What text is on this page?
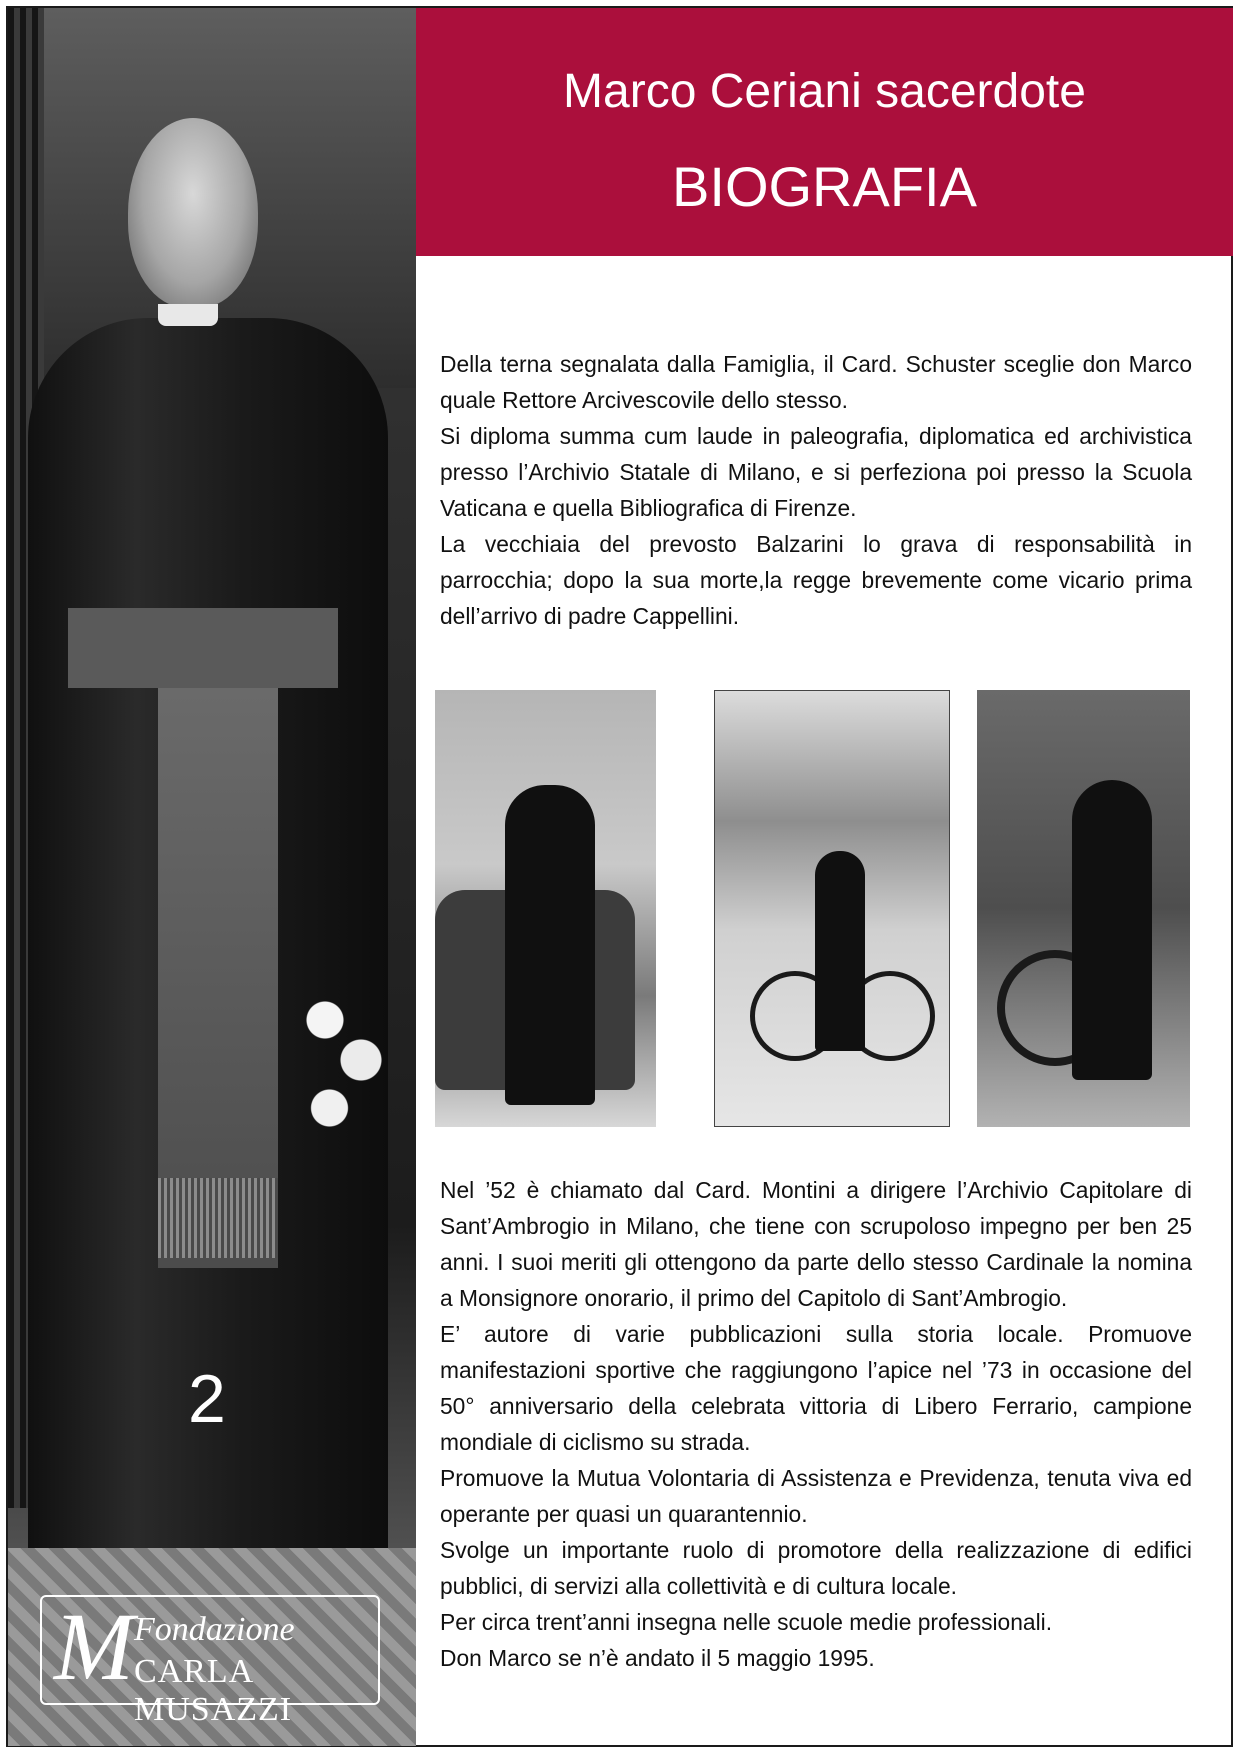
2
M Fondazione
CARLA MUSAZZI
Marco Ceriani sacerdote
BIOGRAFIA

Della terna segnalata dalla Famiglia, il Card. Schuster sceglie don Marco quale Rettore Arcivescovile dello stesso.

Si diploma summa cum laude in paleografia, diplomatica ed archivistica presso l’Archivio Statale di Milano, e si perfeziona poi presso la Scuola Vaticana e quella Bibliografica di Firenze.

La vecchiaia del prevosto Balzarini lo grava di responsabilità in parrocchia; dopo la sua morte,la regge brevemente come vicario prima dell’arrivo di padre Cappellini.

Nel ’52 è chiamato dal Card. Montini a dirigere l’Archivio Capitolare di Sant’Ambrogio in Milano, che tiene con scrupoloso impegno per ben 25 anni. I suoi meriti gli ottengono da parte dello stesso Cardinale la nomina a Monsignore onorario, il primo del Capitolo di Sant’Ambrogio.

E’ autore di varie pubblicazioni sulla storia locale. Promuove manifestazioni sportive che raggiungono l’apice nel ’73 in occasione del 50° anniversario della celebrata vittoria di Libero Ferrario, campione mondiale di ciclismo su strada.

Promuove la Mutua Volontaria di Assistenza e Previdenza, tenuta viva ed operante per quasi un quarantennio.

Svolge un importante ruolo di promotore della realizzazione di edifici pubblici, di servizi alla collettività e di cultura locale.

Per circa trent’anni insegna nelle scuole medie professionali.

Don Marco se n’è andato il 5 maggio 1995.
